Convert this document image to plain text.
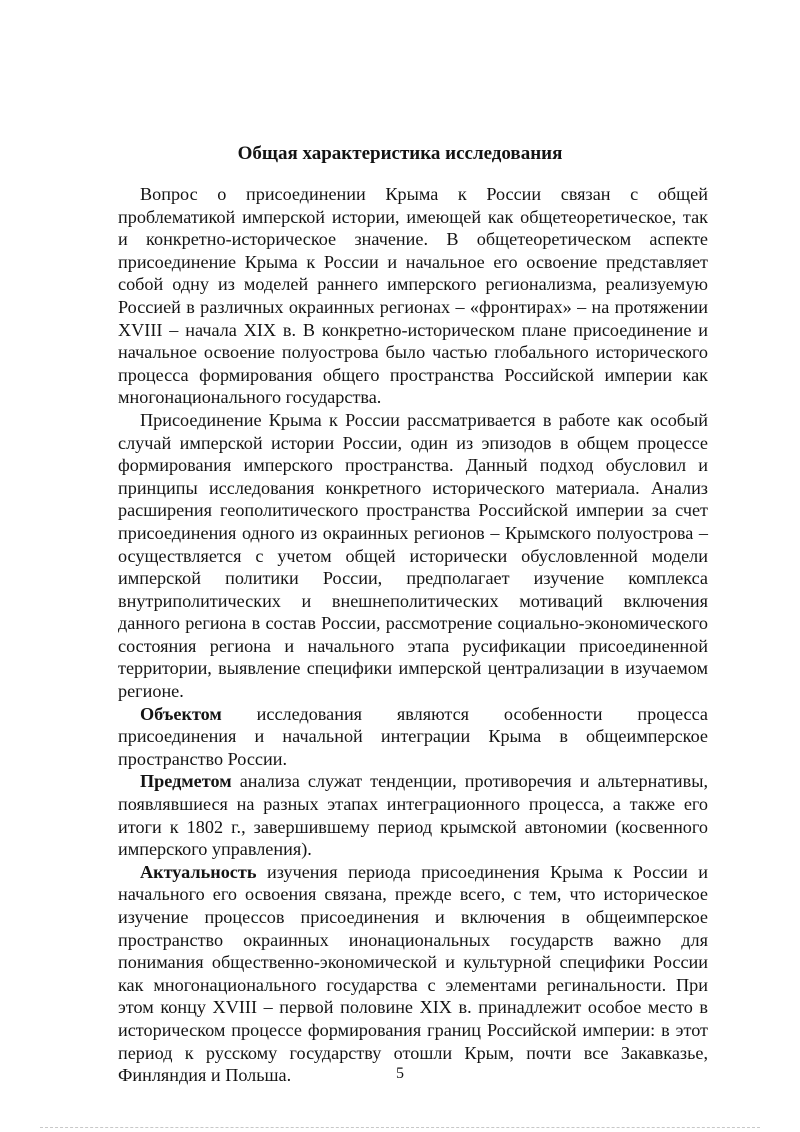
Общая характеристика исследования

Вопрос о присоединении Крыма к России связан с общей проблематикой имперской истории, имеющей как общетеоретическое, так и конкретно-историческое значение. В общетеоретическом аспекте присоединение Крыма к России и начальное его освоение представляет собой одну из моделей раннего имперского регионализма, реализуемую Россией в различных окраинных регионах – «фронтирах» – на протяжении XVIII – начала XIX в. В конкретно-историческом плане присоединение и начальное освоение полуострова было частью глобального исторического процесса формирования общего пространства Российской империи как многонационального государства.

Присоединение Крыма к России рассматривается в работе как особый случай имперской истории России, один из эпизодов в общем процессе формирования имперского пространства. Данный подход обусловил и принципы исследования конкретного исторического материала. Анализ расширения геополитического пространства Российской империи за счет присоединения одного из окраинных регионов – Крымского полуострова – осуществляется с учетом общей исторически обусловленной модели имперской политики России, предполагает изучение комплекса внутриполитических и внешнеполитических мотиваций включения данного региона в состав России, рассмотрение социально-экономического состояния региона и начального этапа русификации присоединенной территории, выявление специфики имперской централизации в изучаемом регионе.

Объектом исследования являются особенности процесса присоединения и начальной интеграции Крыма в общеимперское пространство России.

Предметом анализа служат тенденции, противоречия и альтернативы, появлявшиеся на разных этапах интеграционного процесса, а также его итоги к 1802 г., завершившему период крымской автономии (косвенного имперского управления).

Актуальность изучения периода присоединения Крыма к России и начального его освоения связана, прежде всего, с тем, что историческое изучение процессов присоединения и включения в общеимперское пространство окраинных инонациональных государств важно для понимания общественно-экономической и культурной специфики России как многонационального государства с элементами регинальности. При этом концу XVIII – первой половине XIX в. принадлежит особое место в историческом процессе формирования границ Российской империи: в этот период к русскому государству отошли Крым, почти все Закавказье, Финляндия и Польша.	5
